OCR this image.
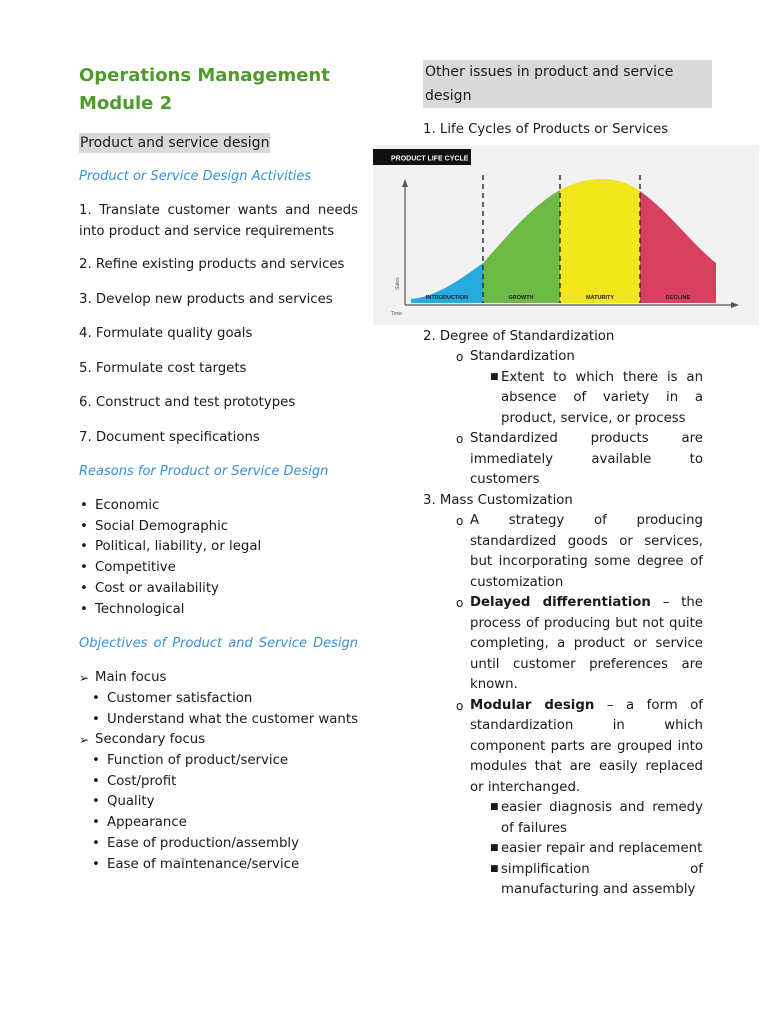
Operations Management Module 2
Product and service design

Product or Service Design Activities

1. Translate customer wants and needs into product and service requirements

2. Refine existing products and services

3. Develop new products and services

4. Formulate quality goals

5. Formulate cost targets

6. Construct and test prototypes

7. Document specifications

Reasons for Product or Service Design

• Economic
• Social Demographic
• Political, liability, or legal
• Competitive
• Cost or availability
• Technological

Objectives of Product and Service Design

➢ Main focus
• Customer satisfaction
• Understand what the customer wants
➢ Secondary focus
• Function of product/service
• Cost/profit
• Quality
• Appearance
• Ease of production/assembly
• Ease of maintenance/service
Other issues in product and service design
1. Life Cycles of Products or Services
PRODUCT LIFE CYCLE
Sales
Time
INTRODUCTION	GROWTH	MATURITY	DECLINE
2. Degree of Standardization
o Standardization
■ Extent to which there is an absence of variety in a product, service, or process
o Standardized products are immediately available to customers
3. Mass Customization
o A strategy of producing standardized goods or services, but incorporating some degree of customization
o Delayed differentiation – the process of producing but not quite completing, a product or service until customer preferences are known.
o Modular design – a form of standardization in which component parts are grouped into modules that are easily replaced or interchanged.
■ easier diagnosis and remedy of failures
■ easier repair and replacement
■ simplification of manufacturing and assembly
